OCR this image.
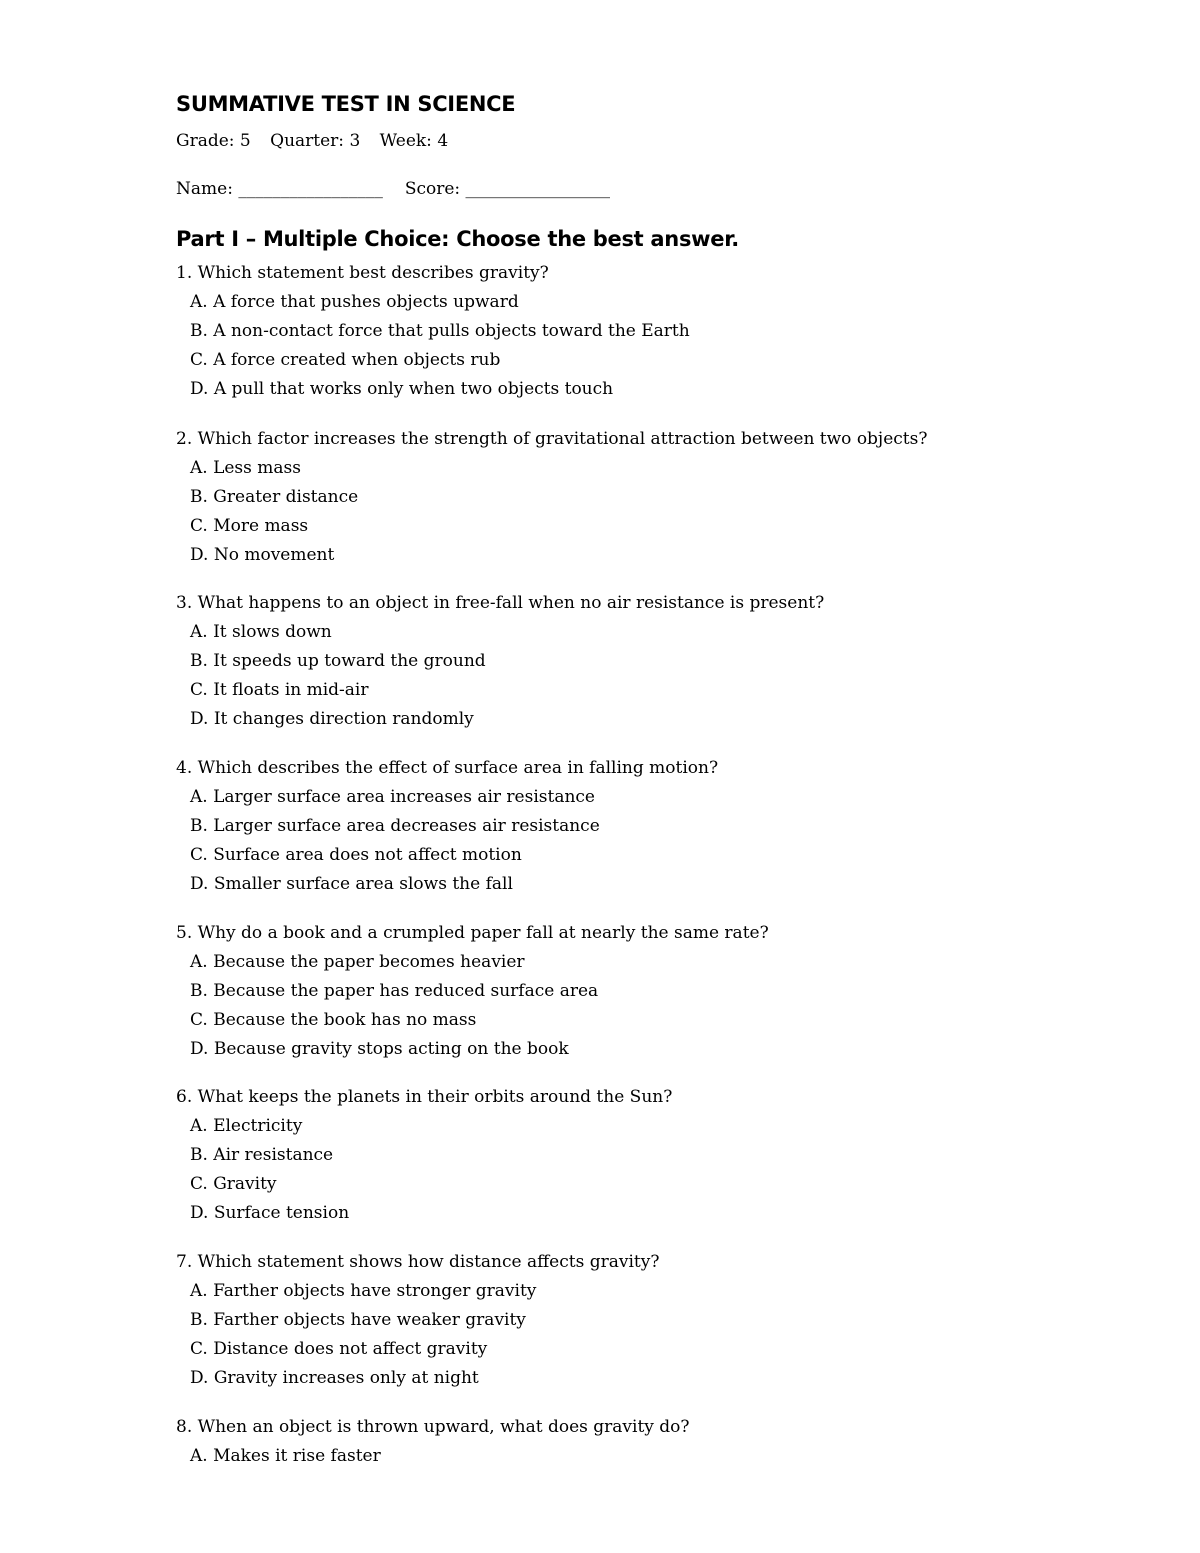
SUMMATIVE TEST IN SCIENCE
Grade: 5 Quarter: 3 Week: 4
Name: _________________ Score: _________________
Part I – Multiple Choice: Choose the best answer.
1. Which statement best describes gravity?
A. A force that pushes objects upward
B. A non-contact force that pulls objects toward the Earth
C. A force created when objects rub
D. A pull that works only when two objects touch
2. Which factor increases the strength of gravitational attraction between two objects?
A. Less mass
B. Greater distance
C. More mass
D. No movement
3. What happens to an object in free-fall when no air resistance is present?
A. It slows down
B. It speeds up toward the ground
C. It floats in mid-air
D. It changes direction randomly
4. Which describes the effect of surface area in falling motion?
A. Larger surface area increases air resistance
B. Larger surface area decreases air resistance
C. Surface area does not affect motion
D. Smaller surface area slows the fall
5. Why do a book and a crumpled paper fall at nearly the same rate?
A. Because the paper becomes heavier
B. Because the paper has reduced surface area
C. Because the book has no mass
D. Because gravity stops acting on the book
6. What keeps the planets in their orbits around the Sun?
A. Electricity
B. Air resistance
C. Gravity
D. Surface tension
7. Which statement shows how distance affects gravity?
A. Farther objects have stronger gravity
B. Farther objects have weaker gravity
C. Distance does not affect gravity
D. Gravity increases only at night
8. When an object is thrown upward, what does gravity do?
A. Makes it rise faster
